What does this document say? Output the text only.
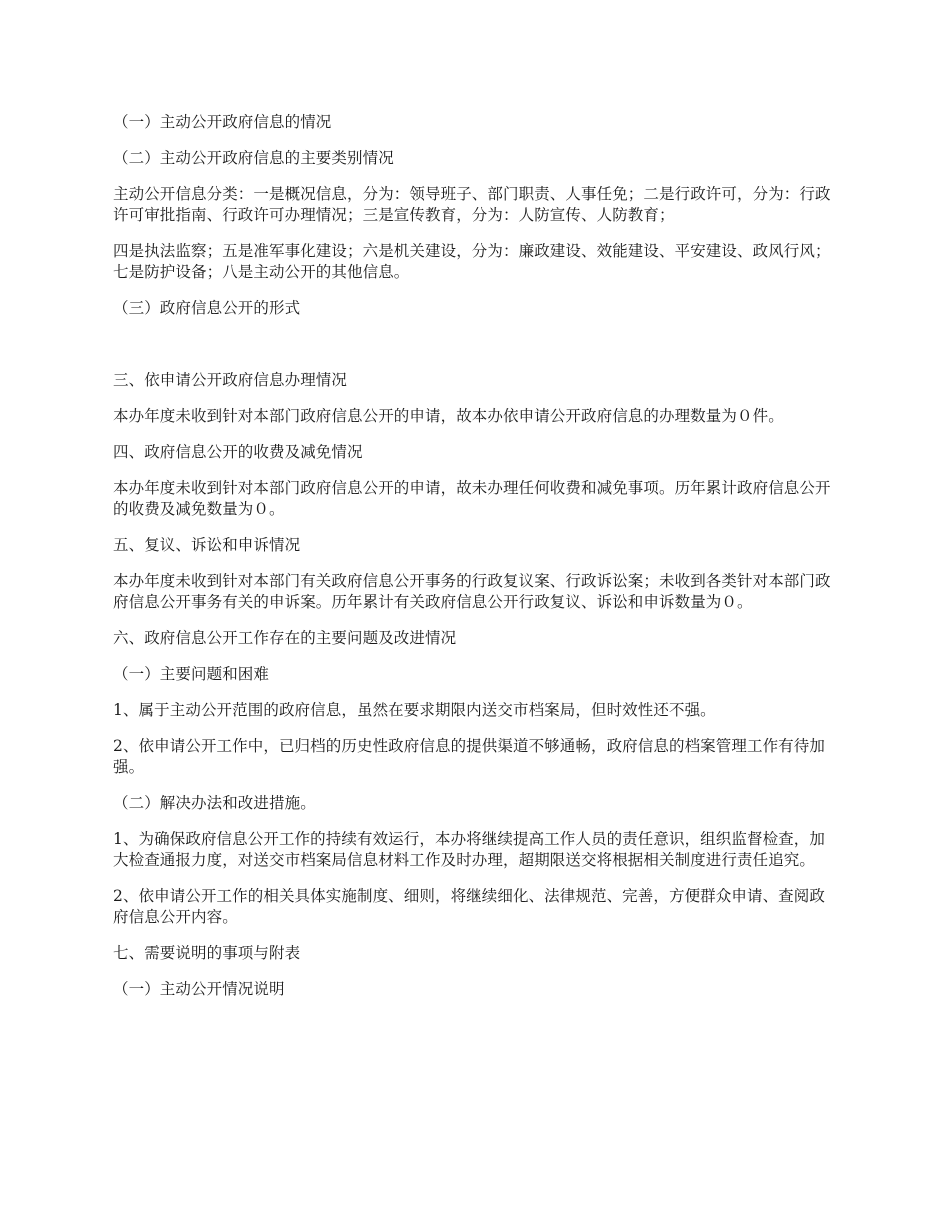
（一）主动公开政府信息的情况

（二）主动公开政府信息的主要类别情况

主动公开信息分类：一是概况信息，分为：领导班子、部门职责、人事任免；二是行政许可，分为：行政许可审批指南、行政许可办理情况；三是宣传教育，分为：人防宣传、人防教育；

四是执法监察；五是准军事化建设；六是机关建设，分为：廉政建设、效能建设、平安建设、政风行风；七是防护设备；八是主动公开的其他信息。

（三）政府信息公开的形式

三、依申请公开政府信息办理情况

本办年度未收到针对本部门政府信息公开的申请，故本办依申请公开政府信息的办理数量为０件。

四、政府信息公开的收费及减免情况

本办年度未收到针对本部门政府信息公开的申请，故未办理任何收费和减免事项。历年累计政府信息公开的收费及减免数量为０。

五、复议、诉讼和申诉情况

本办年度未收到针对本部门有关政府信息公开事务的行政复议案、行政诉讼案；未收到各类针对本部门政府信息公开事务有关的申诉案。历年累计有关政府信息公开行政复议、诉讼和申诉数量为０。

六、政府信息公开工作存在的主要问题及改进情况

（一）主要问题和困难

1、属于主动公开范围的政府信息，虽然在要求期限内送交市档案局，但时效性还不强。

2、依申请公开工作中，已归档的历史性政府信息的提供渠道不够通畅，政府信息的档案管理工作有待加强。

（二）解决办法和改进措施。

1、为确保政府信息公开工作的持续有效运行，本办将继续提高工作人员的责任意识，组织监督检查，加大检查通报力度，对送交市档案局信息材料工作及时办理，超期限送交将根据相关制度进行责任追究。

2、依申请公开工作的相关具体实施制度、细则，将继续细化、法律规范、完善，方便群众申请、查阅政府信息公开内容。

七、需要说明的事项与附表

（一）主动公开情况说明
